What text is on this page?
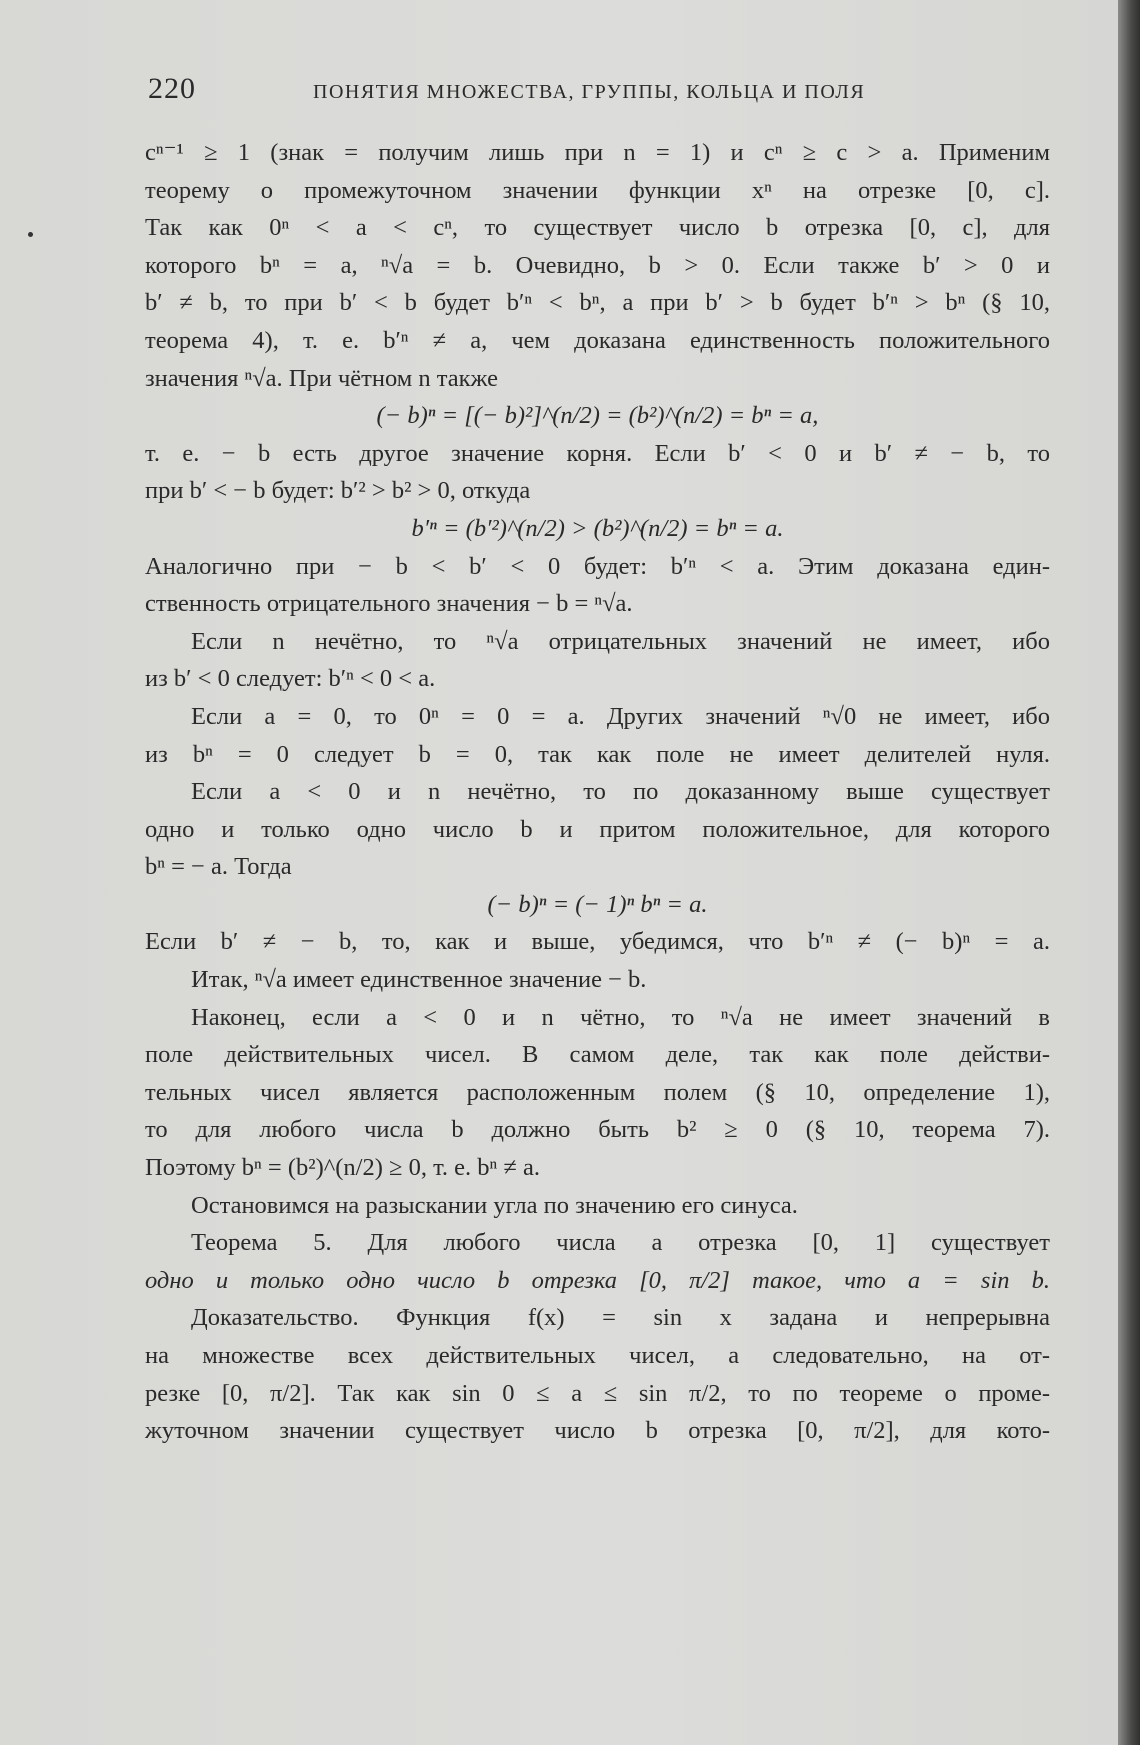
220	ПОНЯТИЯ МНОЖЕСТВА, ГРУППЫ, КОЛЬЦА И ПОЛЯ
cⁿ⁻¹ ≥ 1 (знак = получим лишь при n = 1) и cⁿ ≥ c > a. Применим
теорему о промежуточном значении функции xⁿ на отрезке [0, c].
Так как 0ⁿ < a < cⁿ, то существует число b отрезка [0, c], для
которого bⁿ = a, ⁿ√a = b. Очевидно, b > 0. Если также b′ > 0 и
b′ ≠ b, то при b′ < b будет b′ⁿ < bⁿ, а при b′ > b будет b′ⁿ > bⁿ (§ 10,
теорема 4), т. е. b′ⁿ ≠ a, чем доказана единственность положительного
значения ⁿ√a. При чётном n также
(− b)ⁿ = [(− b)²]^(n/2) = (b²)^(n/2) = bⁿ = a,
т. е. − b есть другое значение корня. Если b′ < 0 и b′ ≠ − b, то
при b′ < − b будет: b′² > b² > 0, откуда
b′ⁿ = (b′²)^(n/2) > (b²)^(n/2) = bⁿ = a.
Аналогично при − b < b′ < 0 будет: b′ⁿ < a. Этим доказана един-
ственность отрицательного значения − b = ⁿ√a.
Если n нечётно, то ⁿ√a отрицательных значений не имеет, ибо
из b′ < 0 следует: b′ⁿ < 0 < a.
Если a = 0, то 0ⁿ = 0 = a. Других значений ⁿ√0 не имеет, ибо
из bⁿ = 0 следует b = 0, так как поле не имеет делителей нуля.
Если a < 0 и n нечётно, то по доказанному выше существует
одно и только одно число b и притом положительное, для которого
bⁿ = − a. Тогда
(− b)ⁿ = (− 1)ⁿ bⁿ = a.
Если b′ ≠ − b, то, как и выше, убедимся, что b′ⁿ ≠ (− b)ⁿ = a.
Итак, ⁿ√a имеет единственное значение − b.
Наконец, если a < 0 и n чётно, то ⁿ√a не имеет значений в
поле действительных чисел. В самом деле, так как поле действи-
тельных чисел является расположенным полем (§ 10, определение 1),
то для любого числа b должно быть b² ≥ 0 (§ 10, теорема 7).
Поэтому bⁿ = (b²)^(n/2) ≥ 0, т. е. bⁿ ≠ a.
Остановимся на разыскании угла по значению его синуса.
Теорема 5. Для любого числа a отрезка [0, 1] существует
одно и только одно число b отрезка [0, π/2] такое, что a = sin b.
Доказательство. Функция f(x) = sin x задана и непрерывна
на множестве всех действительных чисел, а следовательно, на от-
резке [0, π/2]. Так как sin 0 ≤ a ≤ sin π/2, то по теореме о проме-
жуточном значении существует число b отрезка [0, π/2], для кото-
